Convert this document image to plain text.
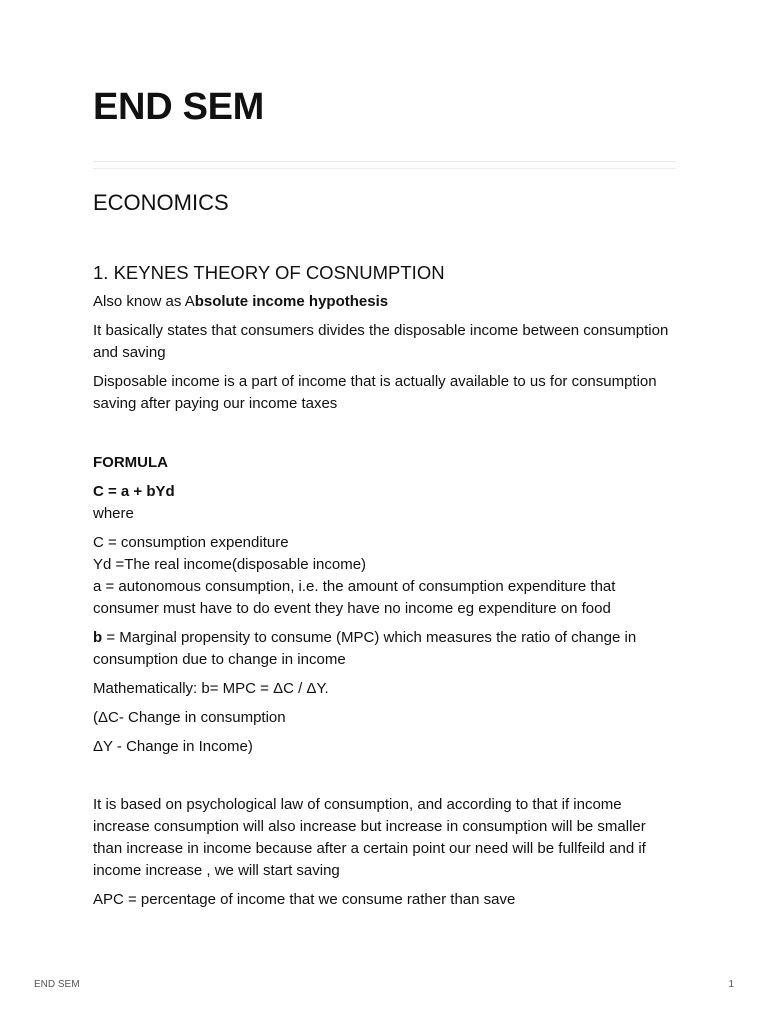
END SEM
ECONOMICS
1. KEYNES THEORY OF COSNUMPTION

Also know as Absolute income hypothesis

It basically states that consumers divides the disposable income between consumption and saving

Disposable income is a part of income that is actually available to us for consumption saving after paying our income taxes

FORMULA

C = a + bYd

where

C = consumption expenditure

Yd =The real income(disposable income)

a = autonomous consumption, i.e. the amount of consumption expenditure that consumer must have to do event they have no income eg expenditure on food

b = Marginal propensity to consume (MPC) which measures the ratio of change in consumption due to change in income

Mathematically: b= MPC = ΔC / ΔY.

(ΔC- Change in consumption

ΔY - Change in Income)

It is based on psychological law of consumption, and according to that if income increase consumption will also increase but increase in consumption will be smaller than increase in income because after a certain point our need will be fullfeild and if income increase , we will start saving

APC = percentage of income that we consume rather than save

END SEM	1
